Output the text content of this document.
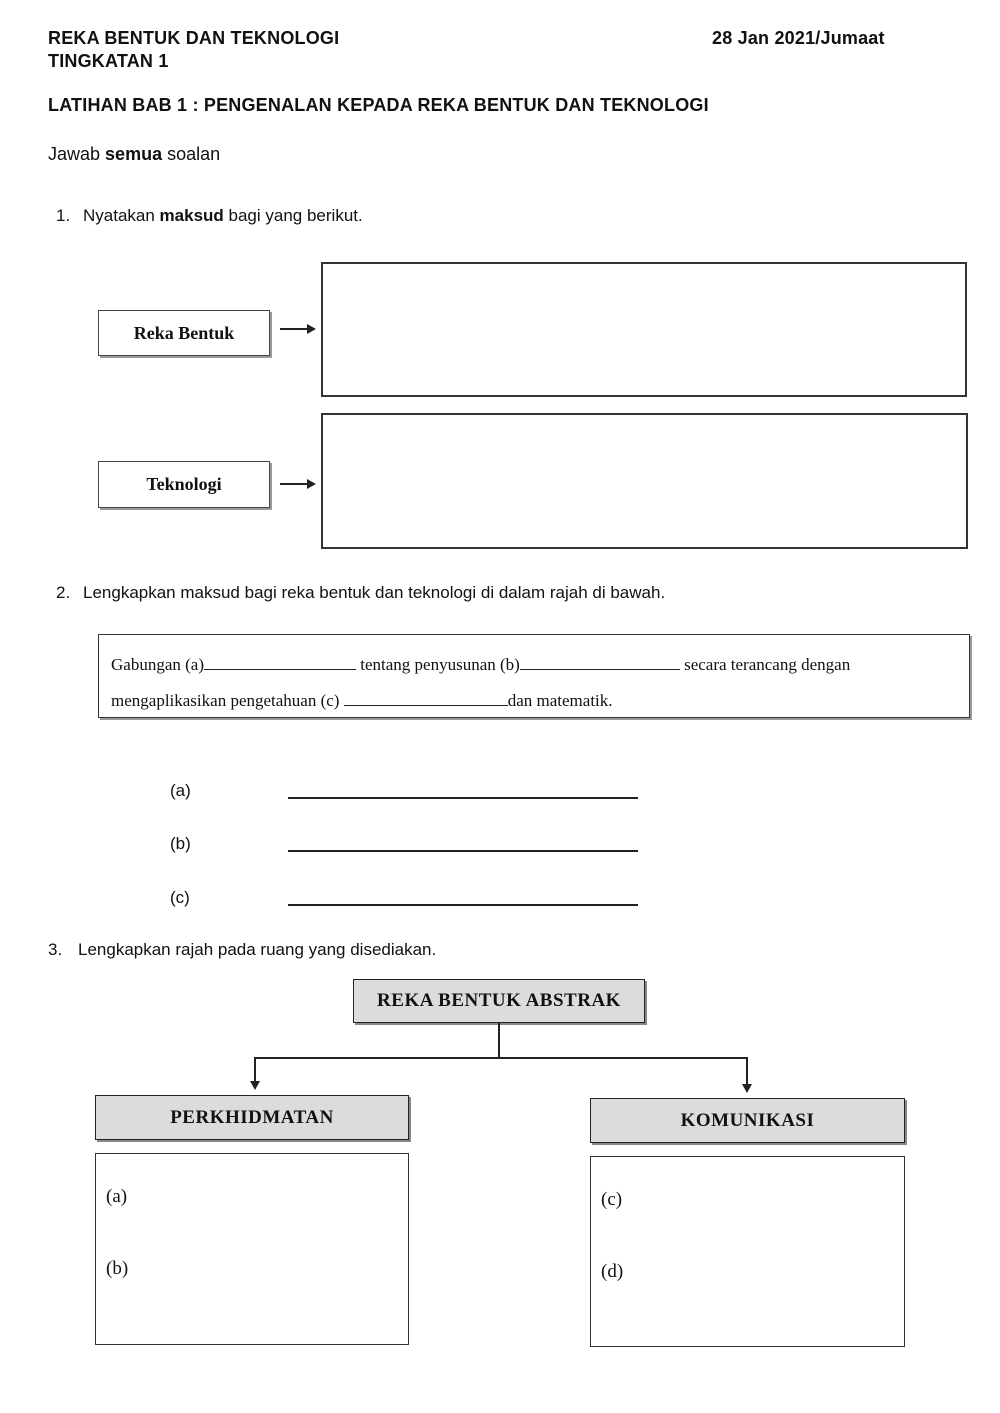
REKA BENTUK DAN TEKNOLOGI
TINGKATAN 1
28 Jan 2021/Jumaat
LATIHAN BAB 1 : PENGENALAN KEPADA REKA BENTUK DAN TEKNOLOGI
Jawab semua soalan
1. Nyatakan maksud bagi yang berikut.
Reka Bentuk
Teknologi
2. Lengkapkan maksud bagi reka bentuk dan teknologi di dalam rajah di bawah.
Gabungan (a)	tentang penyusunan (b)	secara terancang dengan
mengaplikasikan pengetahuan (c)	dan matematik.
(a)
(b)
(c)
3. Lengkapkan rajah pada ruang yang disediakan.
REKA BENTUK ABSTRAK
PERKHIDMATAN	KOMUNIKASI
(a)
(b)
(c)
(d)
